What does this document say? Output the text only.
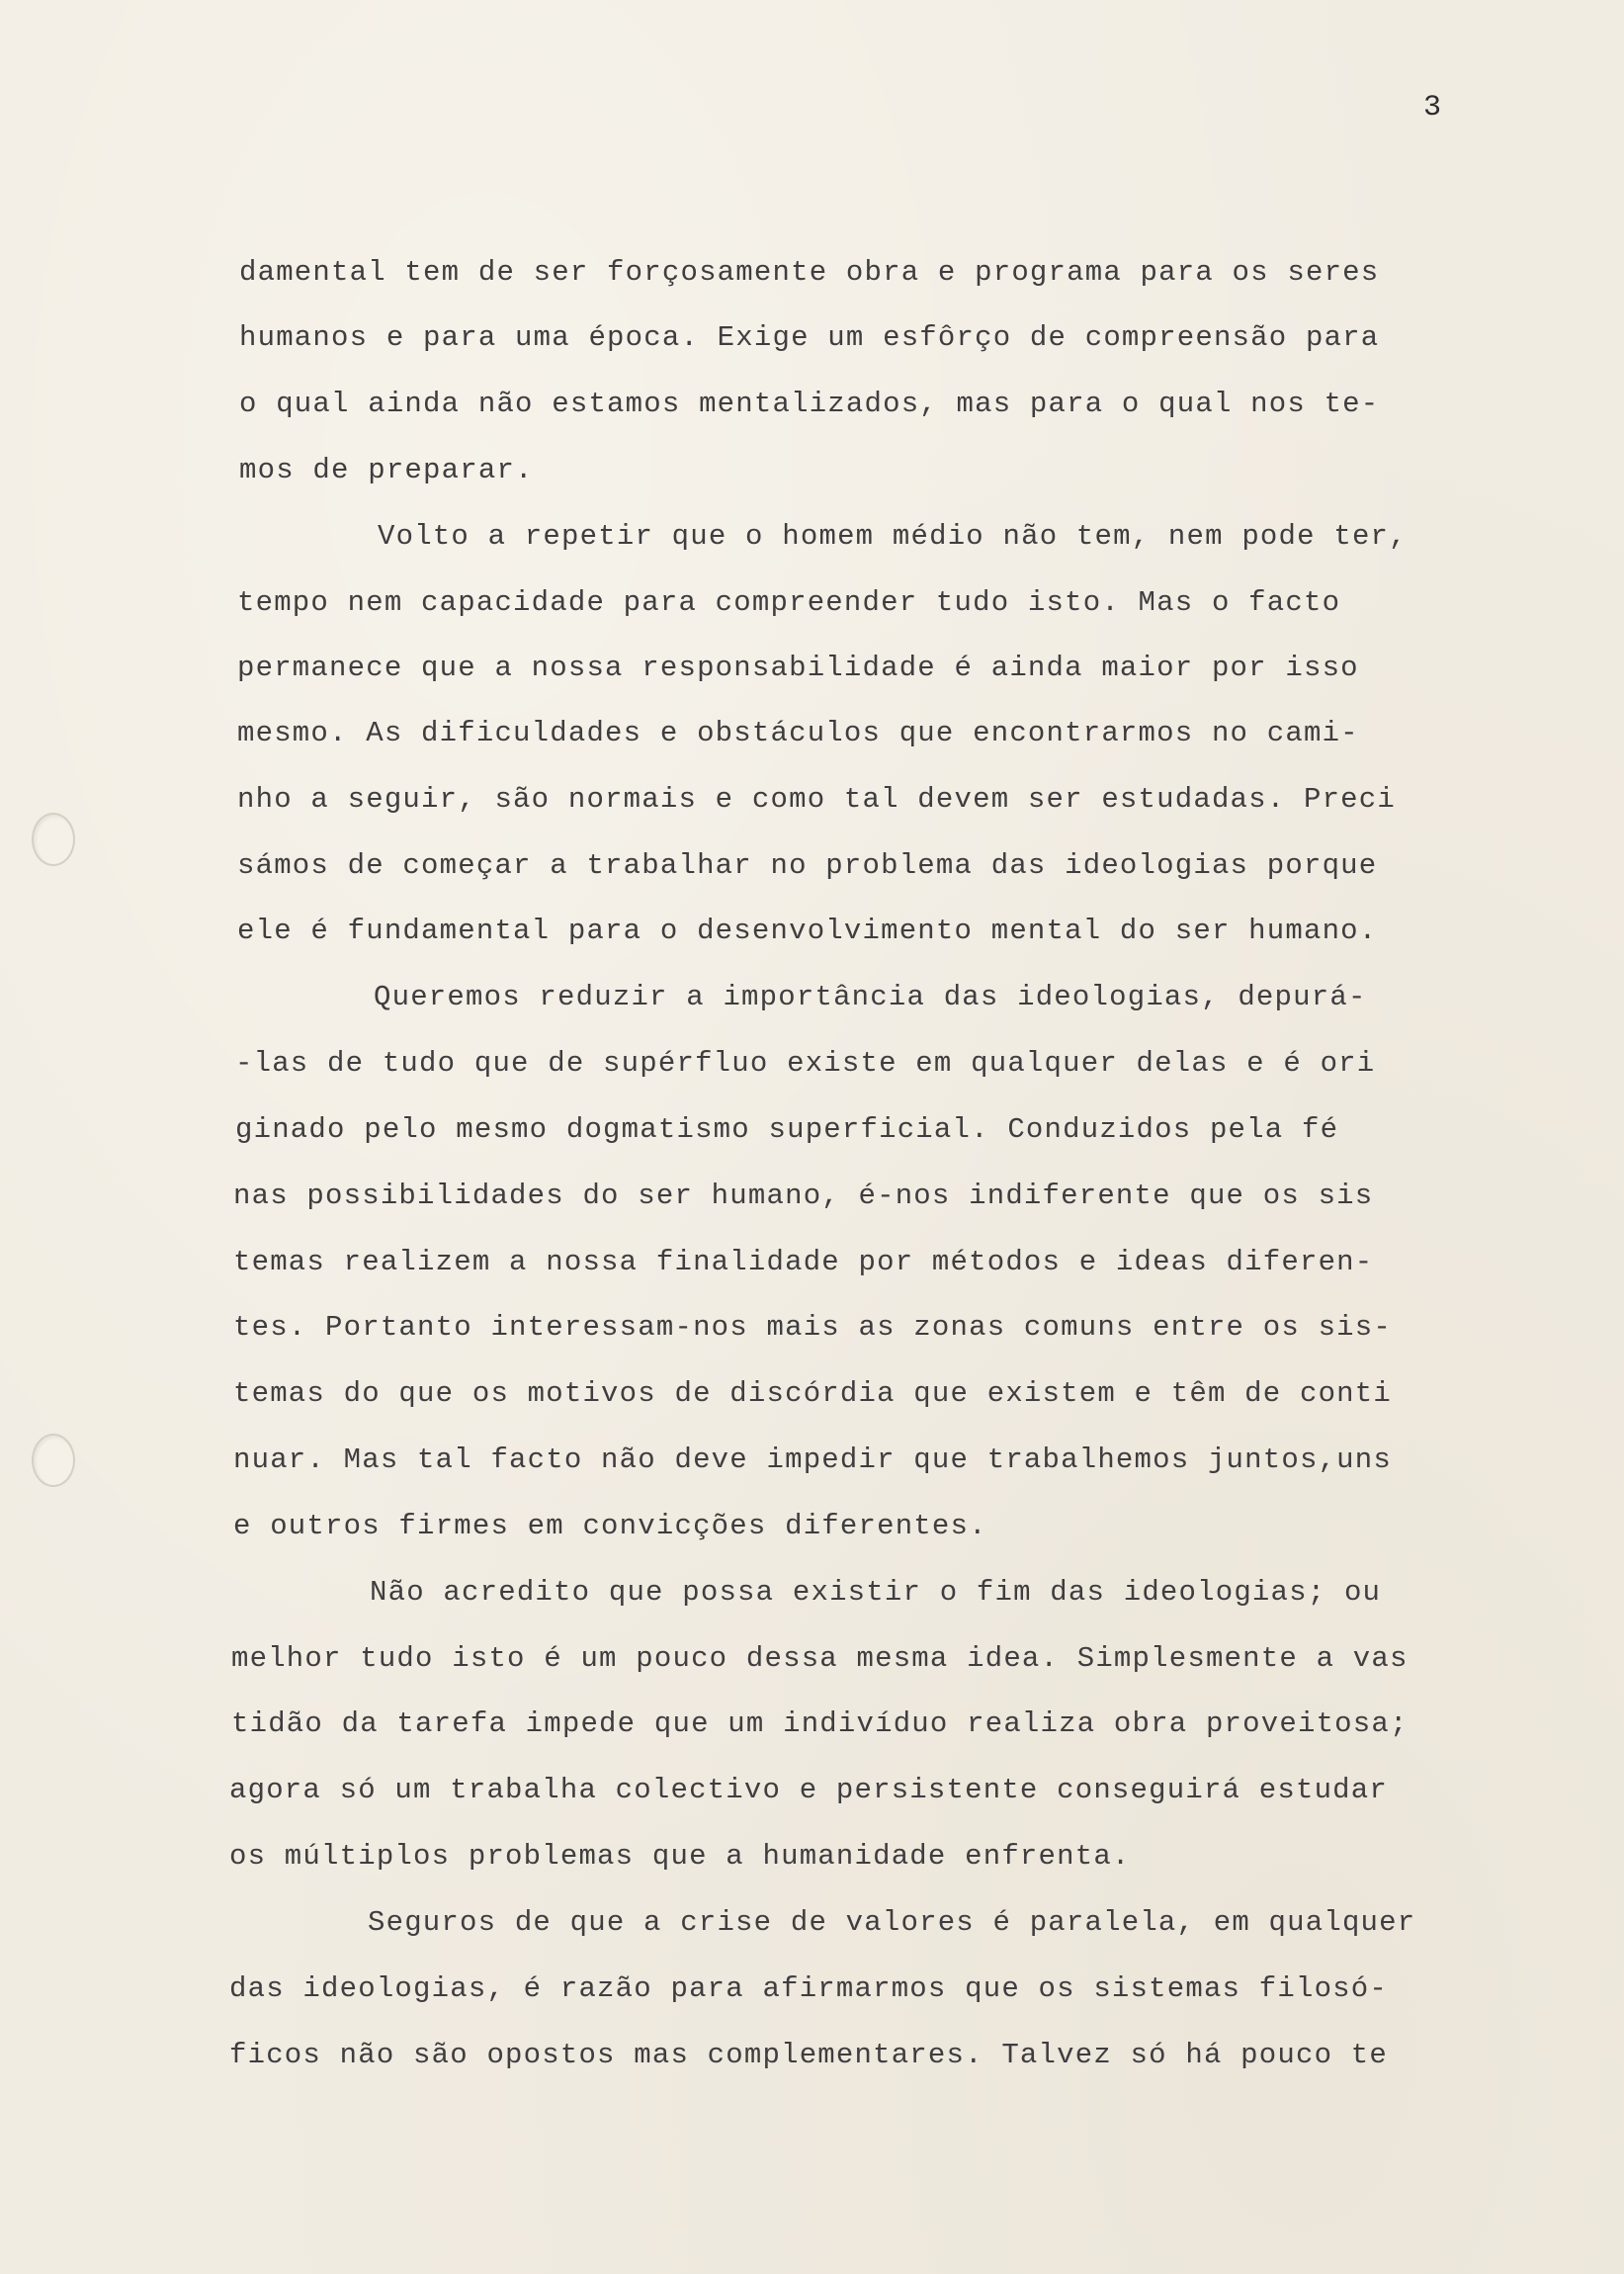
3
damental tem de ser forçosamente obra e programa para os seres
humanos e para uma época. Exige um esfôrço de compreensão para
o qual ainda não estamos mentalizados, mas para o qual nos te-
mos de preparar.
Volto a repetir que o homem médio não tem, nem pode ter,
tempo nem capacidade para compreender tudo isto. Mas o facto
permanece que a nossa responsabilidade é ainda maior por isso
mesmo. As dificuldades e obstáculos que encontrarmos no cami-
nho a seguir, são normais e como tal devem ser estudadas. Preci
sámos de começar a trabalhar no problema das ideologias porque
ele é fundamental para o desenvolvimento mental do ser humano.
Queremos reduzir a importância das ideologias, depurá-
-las de tudo que de supérfluo existe em qualquer delas e é ori
ginado pelo mesmo dogmatismo superficial. Conduzidos pela fé
nas possibilidades do ser humano, é-nos indiferente que os sis
temas realizem a nossa finalidade por métodos e ideas diferen-
tes. Portanto interessam-nos mais as zonas comuns entre os sis-
temas do que os motivos de discórdia que existem e têm de conti
nuar. Mas tal facto não deve impedir que trabalhemos juntos,uns
e outros firmes em convicções diferentes.
Não acredito que possa existir o fim das ideologias; ou
melhor tudo isto é um pouco dessa mesma idea. Simplesmente a vas
tidão da tarefa impede que um indivíduo realiza obra proveitosa;
agora só um trabalha colectivo e persistente conseguirá estudar
os múltiplos problemas que a humanidade enfrenta.
Seguros de que a crise de valores é paralela, em qualquer
das ideologias, é razão para afirmarmos que os sistemas filosó-
ficos não são opostos mas complementares. Talvez só há pouco te
